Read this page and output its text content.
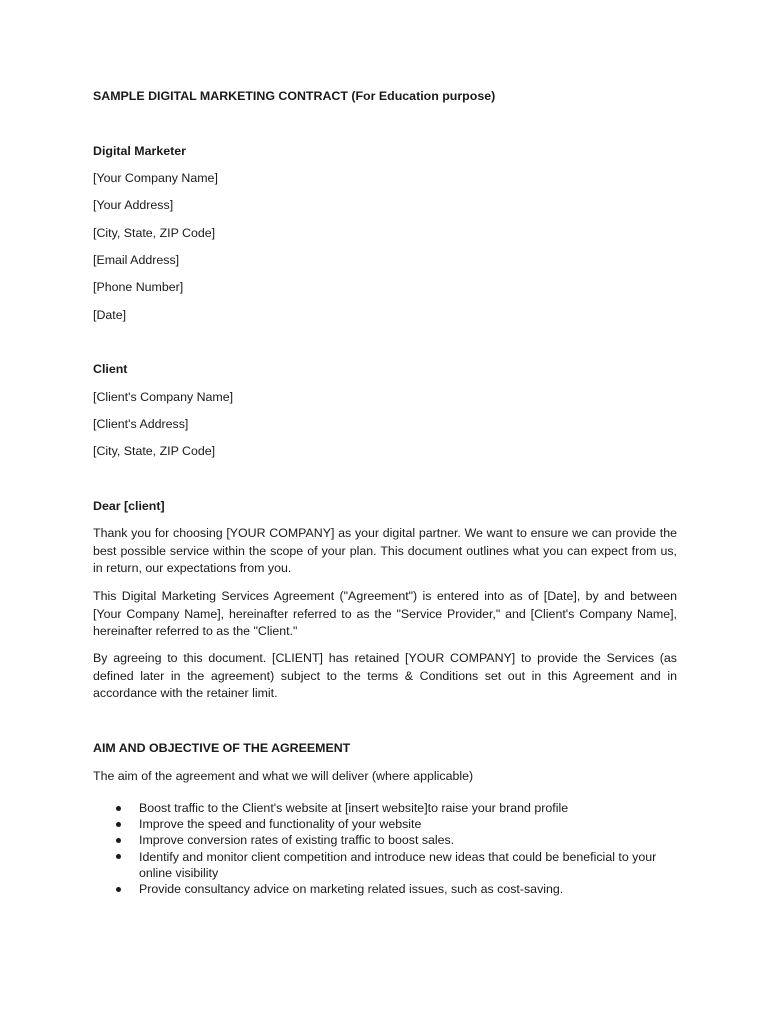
SAMPLE DIGITAL MARKETING CONTRACT (For Education purpose)
Digital Marketer
[Your Company Name]
[Your Address]
[City, State, ZIP Code]
[Email Address]
[Phone Number]
[Date]
Client
[Client's Company Name]
[Client's Address]
[City, State, ZIP Code]
Dear [client]
Thank you for choosing [YOUR COMPANY] as your digital partner. We want to ensure we can provide the best possible service within the scope of your plan. This document outlines what you can expect from us, in return, our expectations from you.
This Digital Marketing Services Agreement ("Agreement") is entered into as of [Date], by and between [Your Company Name], hereinafter referred to as the "Service Provider," and [Client's Company Name], hereinafter referred to as the "Client."
By agreeing to this document. [CLIENT] has retained [YOUR COMPANY] to provide the Services (as defined later in the agreement) subject to the terms & Conditions set out in this Agreement and in accordance with the retainer limit.
AIM AND OBJECTIVE OF THE AGREEMENT
The aim of the agreement and what we will deliver (where applicable)
Boost traffic to the Client's website at [insert website]to raise your brand profile
Improve the speed and functionality of your website
Improve conversion rates of existing traffic to boost sales.
Identify and monitor client competition and introduce new ideas that could be beneficial to your online visibility
Provide consultancy advice on marketing related issues, such as cost-saving.
